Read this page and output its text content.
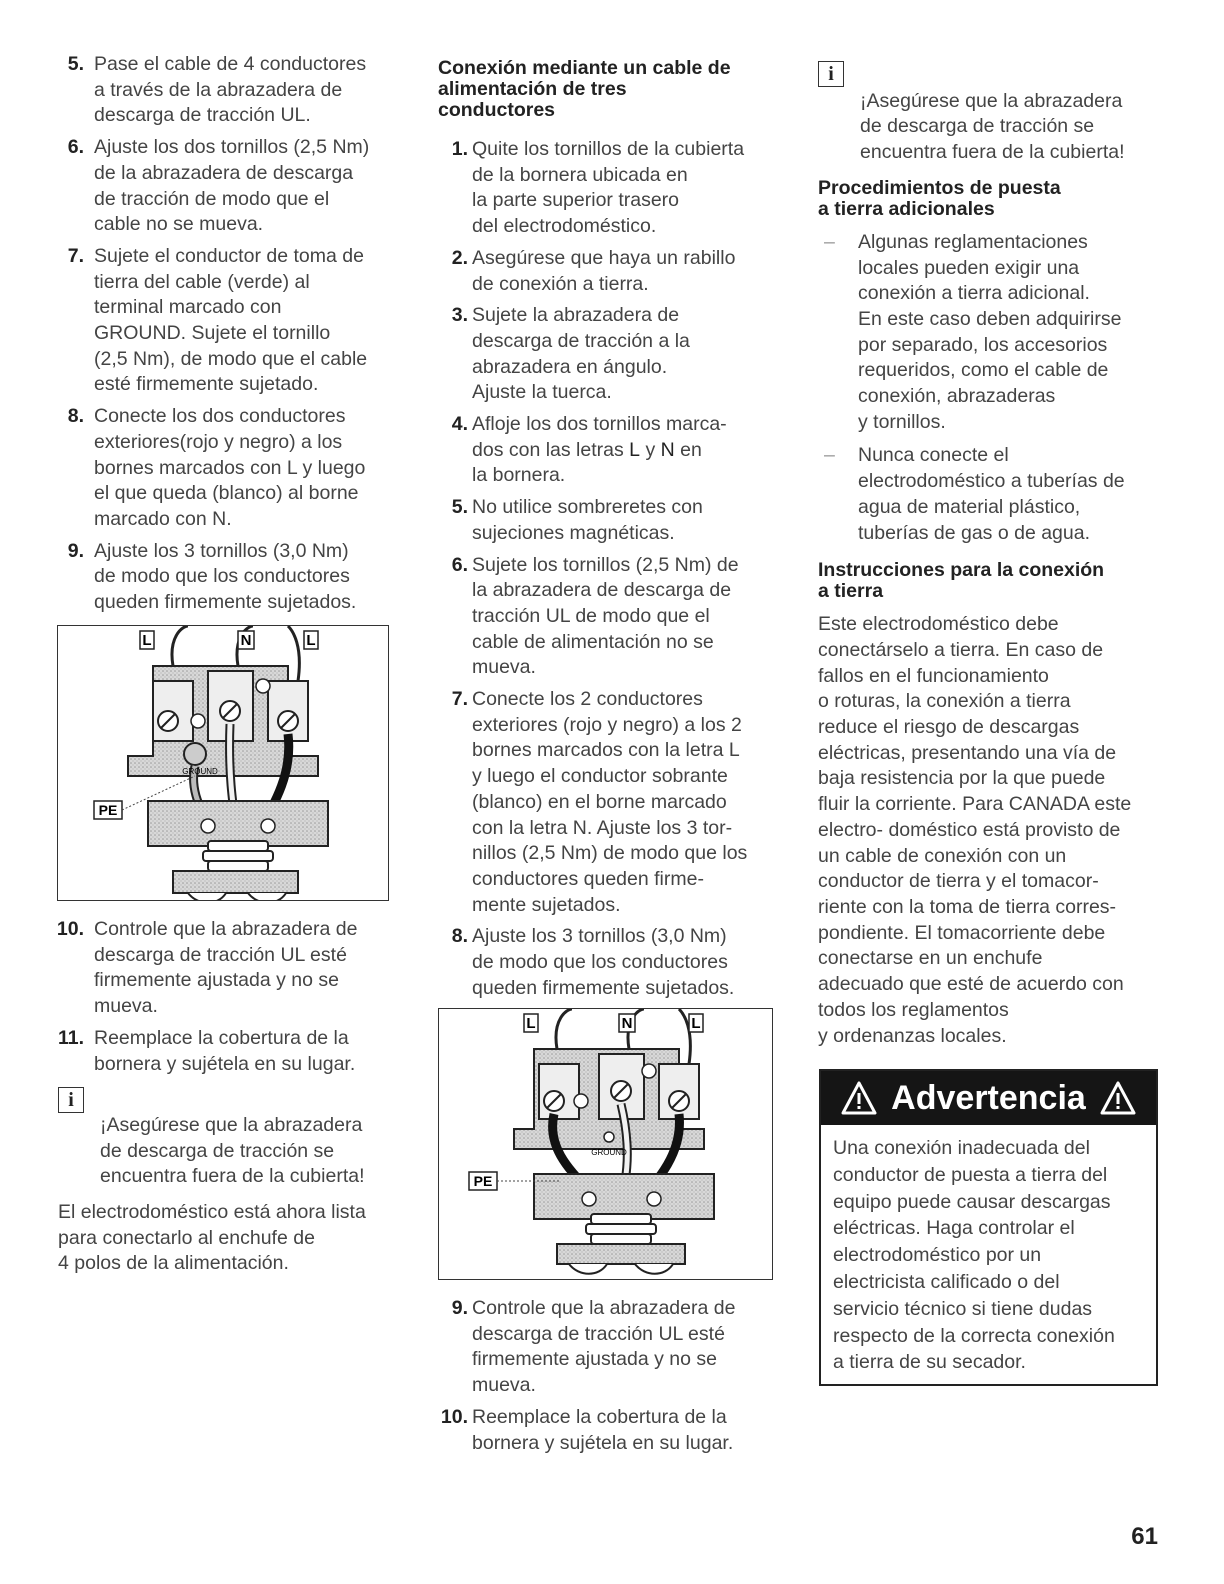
5. Pase el cable de 4 conductores
a través de la abrazadera de
descarga de tracción UL.
6. Ajuste los dos tornillos (2,5 Nm)
de la abrazadera de descarga
de tracción de modo que el
cable no se mueva.
7. Sujete el conductor de toma de
tierra del cable (verde) al
terminal marcado con
GROUND. Sujete el tornillo
(2,5 Nm), de modo que el cable
esté firmemente sujetado.
8. Conecte los dos conductores
exteriores(rojo y negro) a los
bornes marcados con L y luego
el que queda (blanco) al borne
marcado con N.
9. Ajuste los 3 tornillos (3,0 Nm)
de modo que los conductores
queden firmemente sujetados.
L	N	L
GROUND
PE
10. Controle que la abrazadera de
descarga de tracción UL esté
firmemente ajustada y no se
mueva.
11. Reemplace la cobertura de la
bornera y sujétela en su lugar.

i
¡Asegúrese que la abrazadera
de descarga de tracción se
encuentra fuera de la cubierta!

El electrodoméstico está ahora lista
para conectarlo al enchufe de
4 polos de la alimentación.

Conexión mediante un cable de
alimentación de tres
conductores
1. Quite los tornillos de la cubierta
de la bornera ubicada en
la parte superior trasero
del electrodoméstico.
2. Asegúrese que haya un rabillo
de conexión a tierra.
3. Sujete la abrazadera de
descarga de tracción a la
abrazadera en ángulo.
Ajuste la tuerca.
4. Afloje los dos tornillos marca-
dos con las letras L y N en
la bornera.
5. No utilice sombreretes con
sujeciones magnéticas.
6. Sujete los tornillos (2,5 Nm) de
la abrazadera de descarga de
tracción UL de modo que el
cable de alimentación no se
mueva.
7. Conecte los 2 conductores
exteriores (rojo y negro) a los 2
bornes marcados con la letra L
y luego el conductor sobrante
(blanco) en el borne marcado
con la letra N. Ajuste los 3 tor-
nillos (2,5 Nm) de modo que los
conductores queden firme-
mente sujetados.
8. Ajuste los 3 tornillos (3,0 Nm)
de modo que los conductores
queden firmemente sujetados.
L	N	L
GROUND
PE
9. Controle que la abrazadera de
descarga de tracción UL esté
firmemente ajustada y no se
mueva.
10. Reemplace la cobertura de la
bornera y sujétela en su lugar.

i
¡Asegúrese que la abrazadera
de descarga de tracción se
encuentra fuera de la cubierta!

Procedimientos de puesta
a tierra adicionales
– Algunas reglamentaciones
locales pueden exigir una
conexión a tierra adicional.
En este caso deben adquirirse
por separado, los accesorios
requeridos, como el cable de
conexión, abrazaderas
y tornillos.
– Nunca conecte el
electrodoméstico a tuberías de
agua de material plástico,
tuberías de gas o de agua.
Instrucciones para la conexión
a tierra

Este electrodoméstico debe
conectárselo a tierra. En caso de
fallos en el funcionamiento
o roturas, la conexión a tierra
reduce el riesgo de descargas
eléctricas, presentando una vía de
baja resistencia por la que puede
fluir la corriente. Para CANADA este
electro- doméstico está provisto de
un cable de conexión con un
conductor de tierra y el tomacor-
riente con la toma de tierra corres-
pondiente. El tomacorriente debe
conectarse en un enchufe
adecuado que esté de acuerdo con
todos los reglamentos
y ordenanzas locales.

Advertencia
Una conexión inadecuada del
conductor de puesta a tierra del
equipo puede causar descargas
eléctricas. Haga controlar el
electrodoméstico por un
electricista calificado o del
servicio técnico si tiene dudas
respecto de la correcta conexión
a tierra de su secador.
61
